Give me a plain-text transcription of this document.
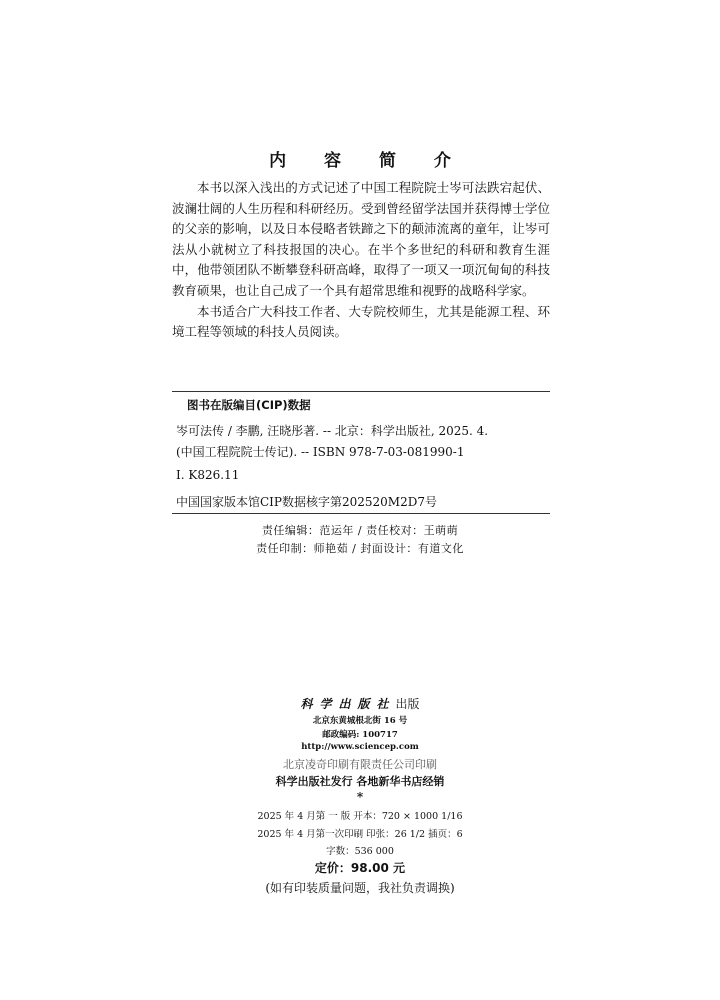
内 容 简 介

本书以深入浅出的方式记述了中国工程院院士岑可法跌宕起伏、波澜壮阔的人生历程和科研经历。受到曾经留学法国并获得博士学位的父亲的影响，以及日本侵略者铁蹄之下的颠沛流离的童年，让岑可法从小就树立了科技报国的决心。在半个多世纪的科研和教育生涯中，他带领团队不断攀登科研高峰，取得了一项又一项沉甸甸的科技教育硕果，也让自己成了一个具有超常思维和视野的战略科学家。

本书适合广大科技工作者、大专院校师生，尤其是能源工程、环境工程等领域的科技人员阅读。

图书在版编目(CIP)数据
岑可法传 / 李鹏, 汪晓彤著. -- 北京：科学出版社, 2025. 4.
(中国工程院院士传记). -- ISBN 978-7-03-081990-1
Ⅰ. K826.11
中国国家版本馆CIP数据核字第202520M2D7号
责任编辑：范运年 / 责任校对：王萌萌
责任印制：师艳茹 / 封面设计：有道文化
科学出版社出版
北京东黄城根北街 16 号
邮政编码: 100717
http://www.sciencep.com
北京凌奇印刷有限责任公司印刷
科学出版社发行 各地新华书店经销
*
2025 年 4 月第 一 版 开本：720 × 1000 1/16
2025 年 4 月第一次印刷 印张：26 1/2 插页：6
字数：536 000
定价：98.00 元
(如有印装质量问题，我社负责调换)
